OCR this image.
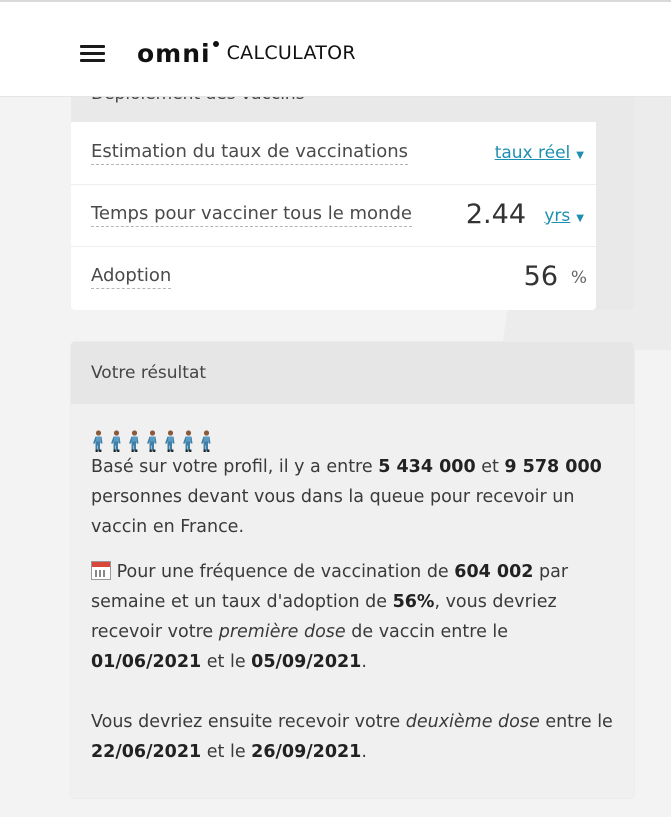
Estimation du taux de vaccinations	taux réel ▼
Temps pour vacciner tous le monde 2.44 yrs ▼
Adoption	56 %
Votre résultat

Basé sur votre profil, il y a entre 5 434 000 et 9 578 000 personnes devant vous dans la queue pour recevoir un vaccin en France.

Pour une fréquence de vaccination de 604 002 par semaine et un taux d'adoption de 56%, vous devriez recevoir votre première dose de vaccin entre le 01/06/2021 et le 05/09/2021.

Vous devriez ensuite recevoir votre deuxième dose entre le 22/06/2021 et le 26/09/2021.

omni CALCULATOR
